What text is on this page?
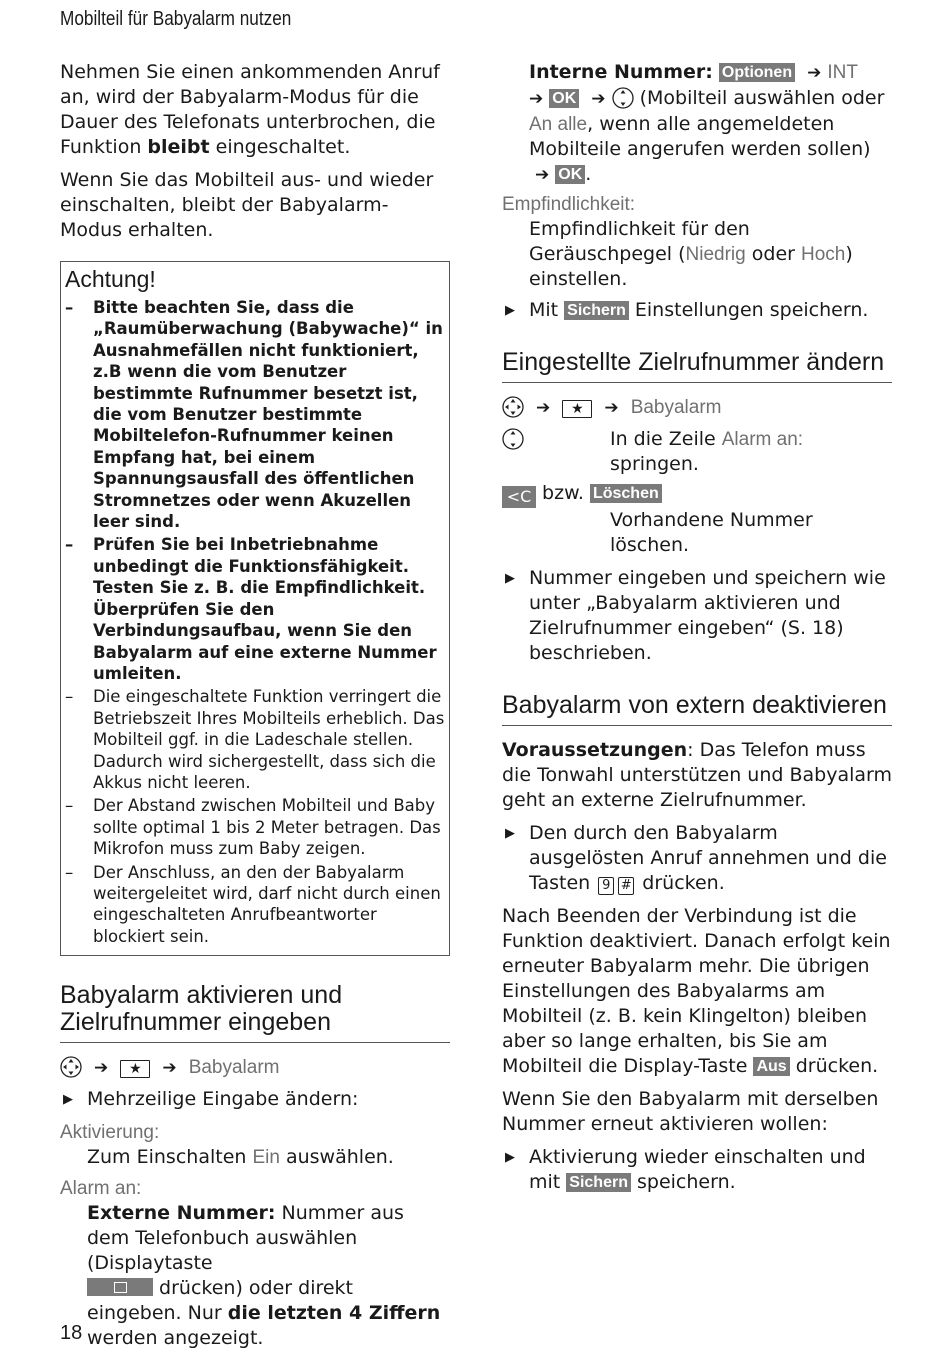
Mobilteil für Babyalarm nutzen

Nehmen Sie einen ankommenden Anruf an, wird der Babyalarm-Modus für die Dauer des Telefonats unterbrochen, die Funktion bleibt eingeschaltet.

Wenn Sie das Mobilteil aus- und wieder einschalten, bleibt der Babyalarm-Modus erhalten.

Achtung!
– Bitte beachten Sie, dass die „Raumüberwachung (Babywache)“ in Ausnahmefällen nicht funktioniert, z.B wenn die vom Benutzer bestimmte Rufnummer besetzt ist, die vom Benutzer bestimmte Mobiltelefon-Rufnummer keinen Empfang hat, bei einem Spannungsausfall des öffentlichen Stromnetzes oder wenn Akuzellen leer sind.
– Prüfen Sie bei Inbetriebnahme unbedingt die Funktionsfähigkeit. Testen Sie z. B. die Empfindlichkeit. Überprüfen Sie den Verbindungsaufbau, wenn Sie den Babyalarm auf eine externe Nummer umleiten.
– Die eingeschaltete Funktion verringert die Betriebszeit Ihres Mobilteils erheblich. Das Mobilteil ggf. in die Ladeschale stellen. Dadurch wird sichergestellt, dass sich die Akkus nicht leeren.
– Der Abstand zwischen Mobilteil und Baby sollte optimal 1 bis 2 Meter betragen. Das Mikrofon muss zum Baby zeigen.
– Der Anschluss, an den der Babyalarm weitergeleitet wird, darf nicht durch einen eingeschalteten Anrufbeantworter blockiert sein.
Babyalarm aktivieren und Zielrufnummer eingeben
➔ ★ ➔ Babyalarm
▶ Mehrzeilige Eingabe ändern:
Aktivierung:
Zum Einschalten Ein auswählen.
Alarm an:
Externe Nummer: Nummer aus dem Telefonbuch auswählen (Displaytaste
drücken) oder direkt eingeben. Nur die letzten 4 Ziffern werden angezeigt.
Interne Nummer: Optionen ➔ INT
➔ OK ➔ (Mobilteil auswählen oder An alle, wenn alle angemeldeten Mobilteile angerufen werden sollen) ➔ OK .
Empfindlichkeit:
Empfindlichkeit für den Geräuschpegel (Niedrig oder Hoch) einstellen.
▶ Mit Sichern Einstellungen speichern.
Eingestellte Zielrufnummer ändern
➔ ★ ➔ Babyalarm
In die Zeile Alarm an: springen.
<C bzw. Löschen
Vorhandene Nummer löschen.
▶ Nummer eingeben und speichern wie unter „Babyalarm aktivieren und Zielrufnummer eingeben“ (S. 18) beschrieben.
Babyalarm von extern deaktivieren

Voraussetzungen: Das Telefon muss die Tonwahl unterstützen und Babyalarm geht an externe Zielrufnummer.

▶ Den durch den Babyalarm ausgelösten Anruf annehmen und die Tasten 9 # drücken.

Nach Beenden der Verbindung ist die Funktion deaktiviert. Danach erfolgt kein erneuter Babyalarm mehr. Die übrigen Einstellungen des Babyalarms am Mobilteil (z. B. kein Klingelton) bleiben aber so lange erhalten, bis Sie am Mobilteil die Display-Taste Aus drücken.

Wenn Sie den Babyalarm mit derselben Nummer erneut aktivieren wollen:

▶ Aktivierung wieder einschalten und mit Sichern speichern.
18
